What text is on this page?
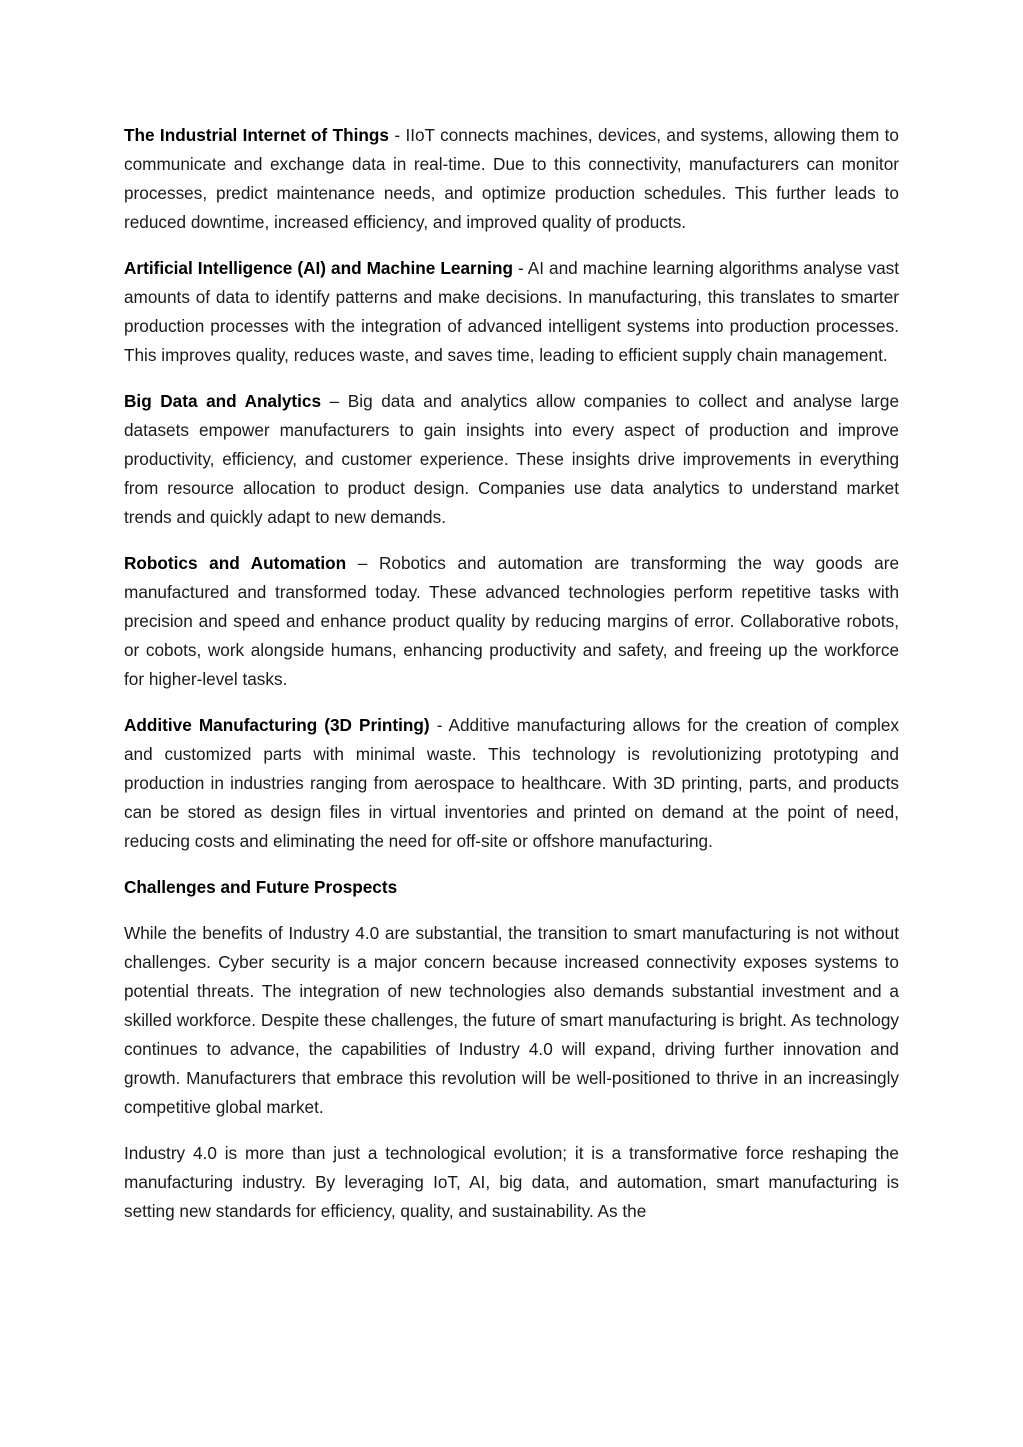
The Industrial Internet of Things - IIoT connects machines, devices, and systems, allowing them to communicate and exchange data in real-time. Due to this connectivity, manufacturers can monitor processes, predict maintenance needs, and optimize production schedules. This further leads to reduced downtime, increased efficiency, and improved quality of products.

Artificial Intelligence (AI) and Machine Learning - AI and machine learning algorithms analyse vast amounts of data to identify patterns and make decisions. In manufacturing, this translates to smarter production processes with the integration of advanced intelligent systems into production processes. This improves quality, reduces waste, and saves time, leading to efficient supply chain management.

Big Data and Analytics – Big data and analytics allow companies to collect and analyse large datasets empower manufacturers to gain insights into every aspect of production and improve productivity, efficiency, and customer experience. These insights drive improvements in everything from resource allocation to product design. Companies use data analytics to understand market trends and quickly adapt to new demands.

Robotics and Automation – Robotics and automation are transforming the way goods are manufactured and transformed today. These advanced technologies perform repetitive tasks with precision and speed and enhance product quality by reducing margins of error. Collaborative robots, or cobots, work alongside humans, enhancing productivity and safety, and freeing up the workforce for higher-level tasks.

Additive Manufacturing (3D Printing) - Additive manufacturing allows for the creation of complex and customized parts with minimal waste. This technology is revolutionizing prototyping and production in industries ranging from aerospace to healthcare. With 3D printing, parts, and products can be stored as design files in virtual inventories and printed on demand at the point of need, reducing costs and eliminating the need for off-site or offshore manufacturing.

Challenges and Future Prospects

While the benefits of Industry 4.0 are substantial, the transition to smart manufacturing is not without challenges. Cyber security is a major concern because increased connectivity exposes systems to potential threats. The integration of new technologies also demands substantial investment and a skilled workforce. Despite these challenges, the future of smart manufacturing is bright. As technology continues to advance, the capabilities of Industry 4.0 will expand, driving further innovation and growth. Manufacturers that embrace this revolution will be well-positioned to thrive in an increasingly competitive global market.

Industry 4.0 is more than just a technological evolution; it is a transformative force reshaping the manufacturing industry. By leveraging IoT, AI, big data, and automation, smart manufacturing is setting new standards for efficiency, quality, and sustainability. As the
